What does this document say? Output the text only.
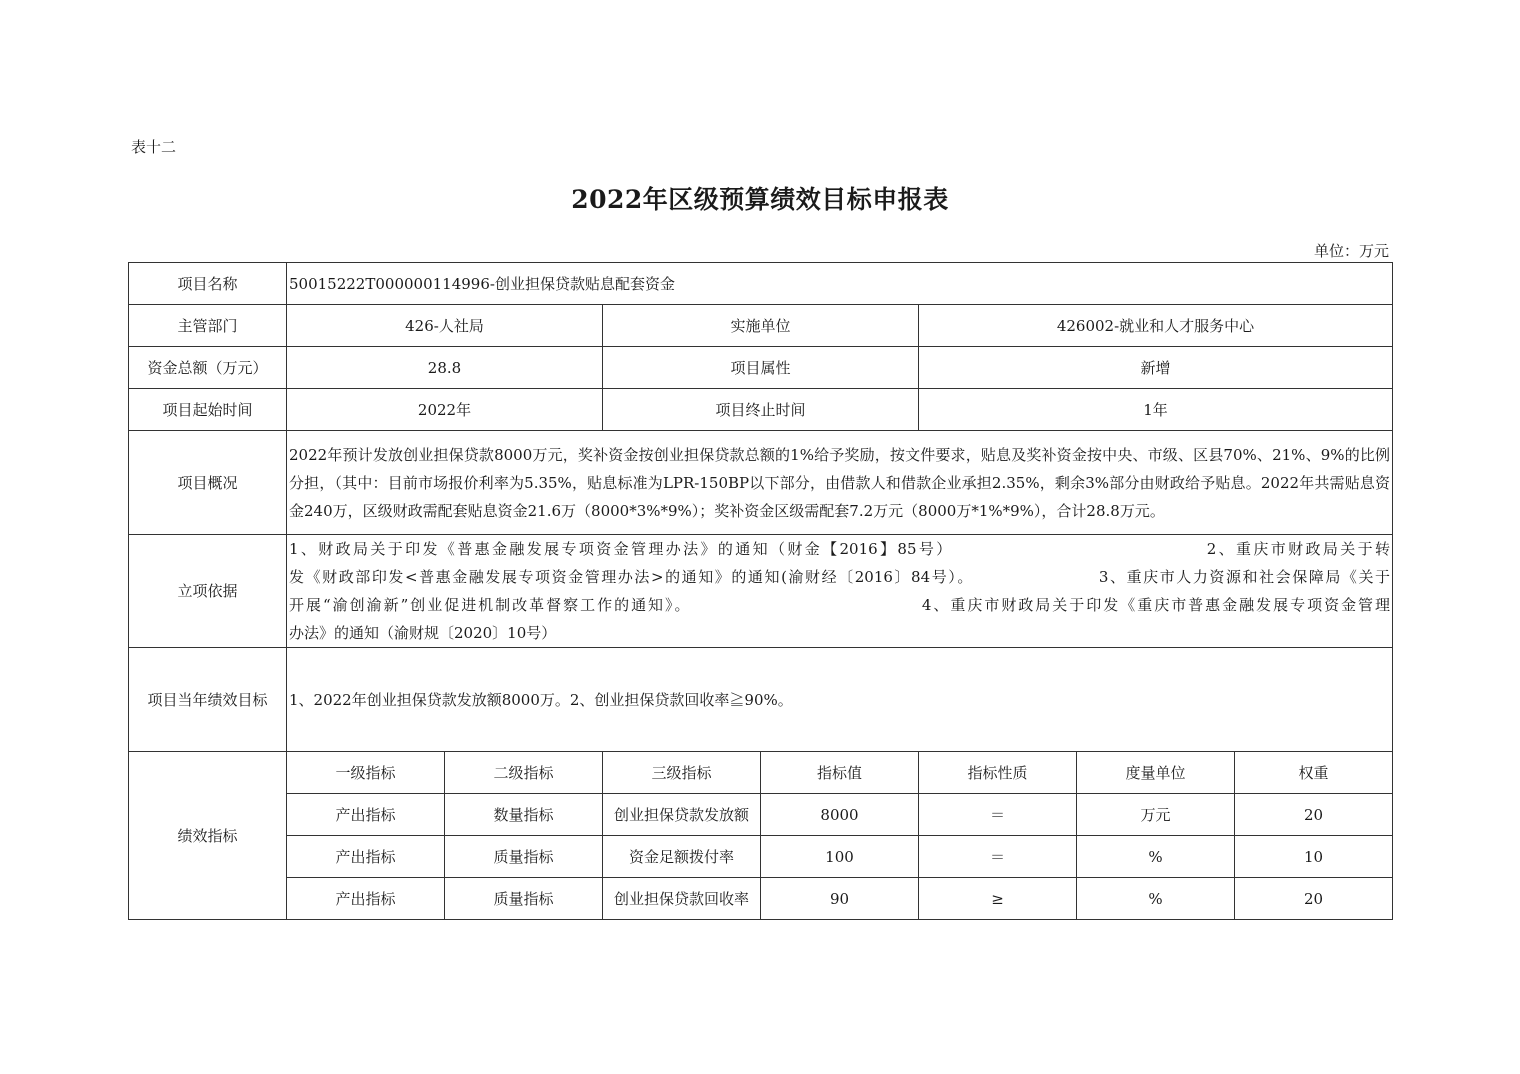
表十二
2022年区级预算绩效目标申报表
单位：万元
项目名称	50015222T000000114996-创业担保贷款贴息配套资金						
主管部门	426-人社局		实施单位		426002-就业和人才服务中心		
资金总额（万元）	28.8		项目属性		新增		
项目起始时间	2022年		项目终止时间		1年		
项目概况	2022年预计发放创业担保贷款8000万元，奖补资金按创业担保贷款总额的1%给予奖励，按文件要求，贴息及奖补资金按中央、市级、区县70%、21%、9%的比例分担，（其中：目前市场报价利率为5.35%，贴息标准为LPR-150BP以下部分，由借款人和借款企业承担2.35%，剩余3%部分由财政给予贴息。2022年共需贴息资金240万，区级财政需配套贴息资金21.6万（8000*3%*9%）；奖补资金区级需配套7.2万元（8000万*1%*9%），合计28.8万元。						
立项依据	1、财政局关于印发《普惠金融发展专项资金管理办法》的通知（财金【2016】85号）　　　　　　　　　　　　　　　2、重庆市财政局关于转
发《财政部印发<普惠金融发展专项资金管理办法>的通知》的通知(渝财经〔2016〕84号）。　　　　　　　　3、重庆市人力资源和社会保障局《关于
开展“渝创渝新”创业促进机制改革督察工作的通知》。　　　　　　　　　　　　　　4、重庆市财政局关于印发《重庆市普惠金融发展专项资金管理
办法》的通知（渝财规〔2020〕10号）						

项目当年绩效目标	1、2022年创业担保贷款发放额8000万。2、创业担保贷款回收率≧90%。						
绩效指标	一级指标	二级指标	三级指标	指标值	指标性质	度量单位	权重
	产出指标	数量指标	创业担保贷款发放额	8000	＝	万元	20
	产出指标	质量指标	资金足额拨付率	100	＝	%	10
	产出指标	质量指标	创业担保贷款回收率	90	≥	%	20
